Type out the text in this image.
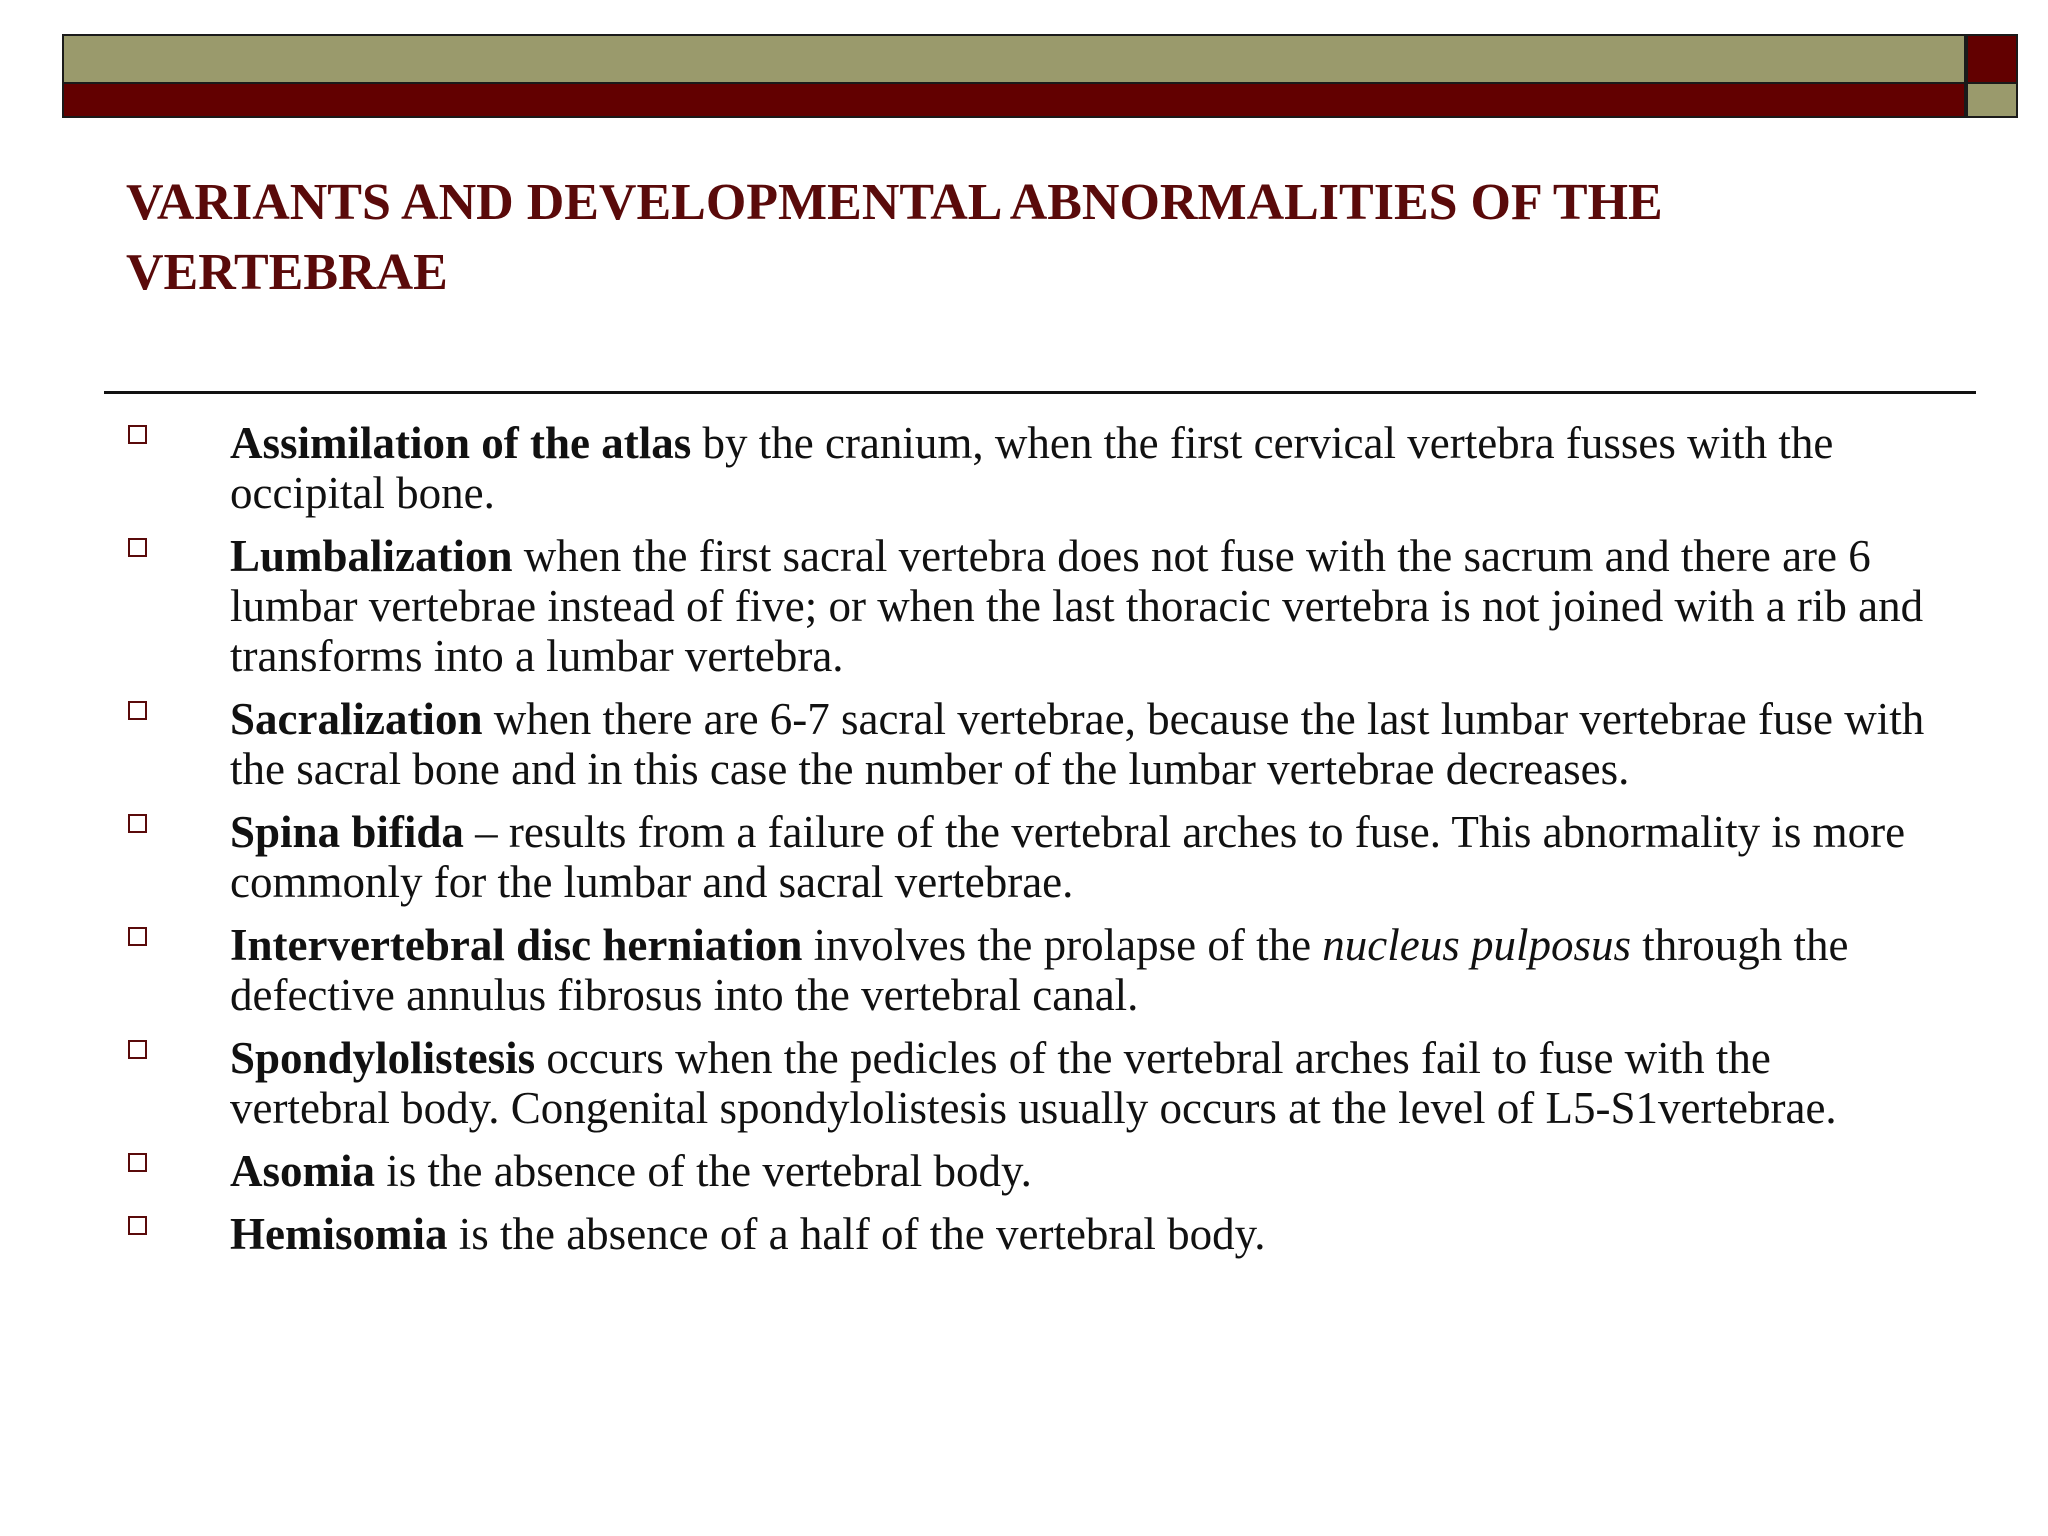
VARIANTS AND DEVELOPMENTAL ABNORMALITIES OF THE VERTEBRAE
Assimilation of the atlas by the cranium, when the first cervical vertebra fusses with the occipital bone.
Lumbalization when the first sacral vertebra does not fuse with the sacrum and there are 6 lumbar vertebrae instead of five; or when the last thoracic vertebra is not joined with a rib and transforms into a lumbar vertebra.
Sacralization when there are 6-7 sacral vertebrae, because the last lumbar vertebrae fuse with the sacral bone and in this case the number of the lumbar vertebrae decreases.
Spina bifida – results from a failure of the vertebral arches to fuse. This abnormality is more commonly for the lumbar and sacral vertebrae.
Intervertebral disc herniation involves the prolapse of the nucleus pulposus through the defective annulus fibrosus into the vertebral canal.
Spondylolistesis occurs when the pedicles of the vertebral arches fail to fuse with the vertebral body. Congenital spondylolistesis usually occurs at the level of L5-S1vertebrae.
Asomia is the absence of the vertebral body.
Hemisomia is the absence of a half of the vertebral body.
